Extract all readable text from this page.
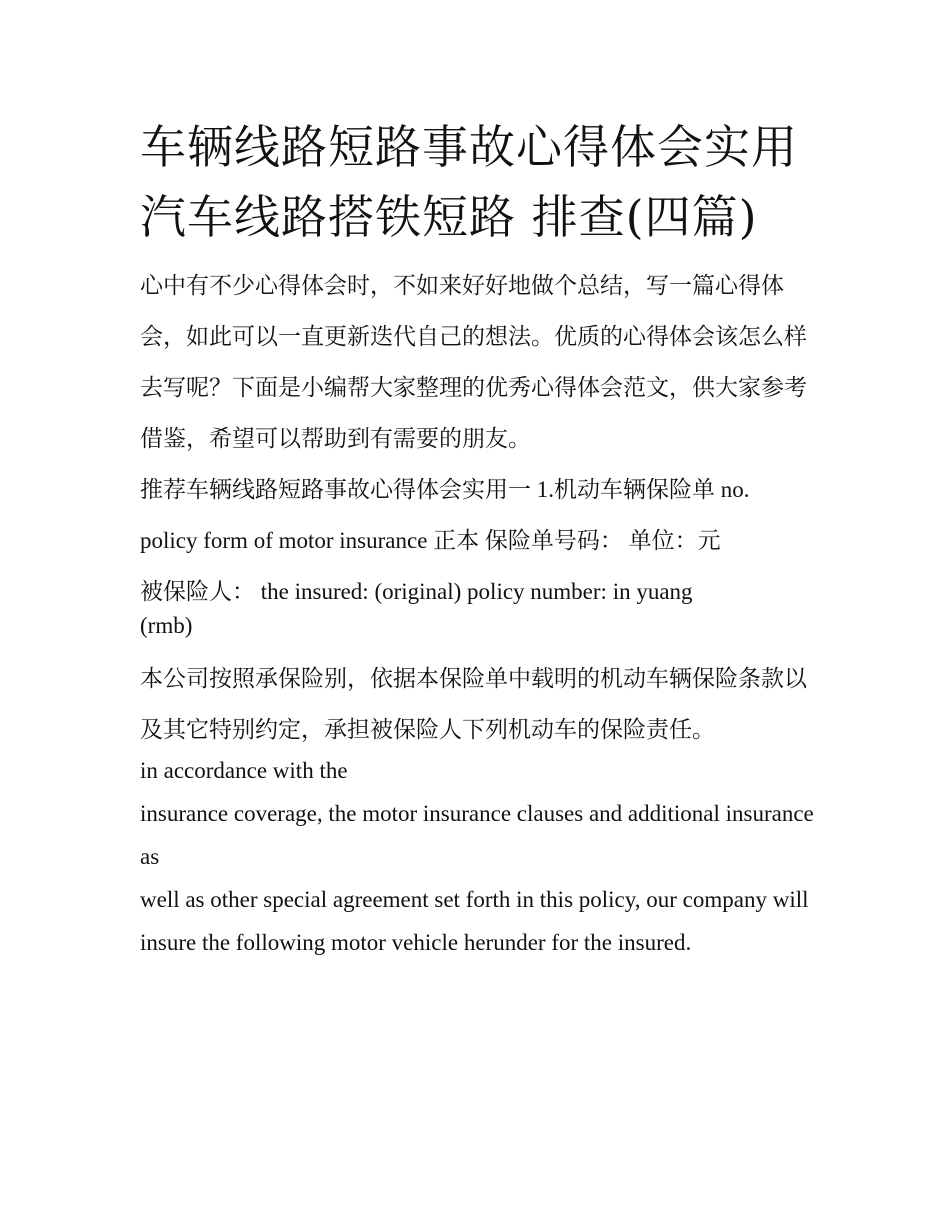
车辆线路短路事故心得体会实用 汽车线路搭铁短路 排查(四篇)

心中有不少心得体会时，不如来好好地做个总结，写一篇心得体会，如此可以一直更新迭代自己的想法。优质的心得体会该怎么样去写呢？下面是小编帮大家整理的优秀心得体会范文，供大家参考借鉴，希望可以帮助到有需要的朋友。

推荐车辆线路短路事故心得体会实用一 1.机动车辆保险单 no.

policy form of motor insurance 正本 保险单号码： 单位：元

被保险人： the insured: (original) policy number: in yuang

(rmb)

本公司按照承保险别，依据本保险单中载明的机动车辆保险条款以及其它特别约定，承担被保险人下列机动车的保险责任。

in accordance with the

insurance coverage, the motor insurance clauses and additional insurance as

well as other special agreement set forth in this policy, our company will

insure the following motor vehicle herunder for the insured.
